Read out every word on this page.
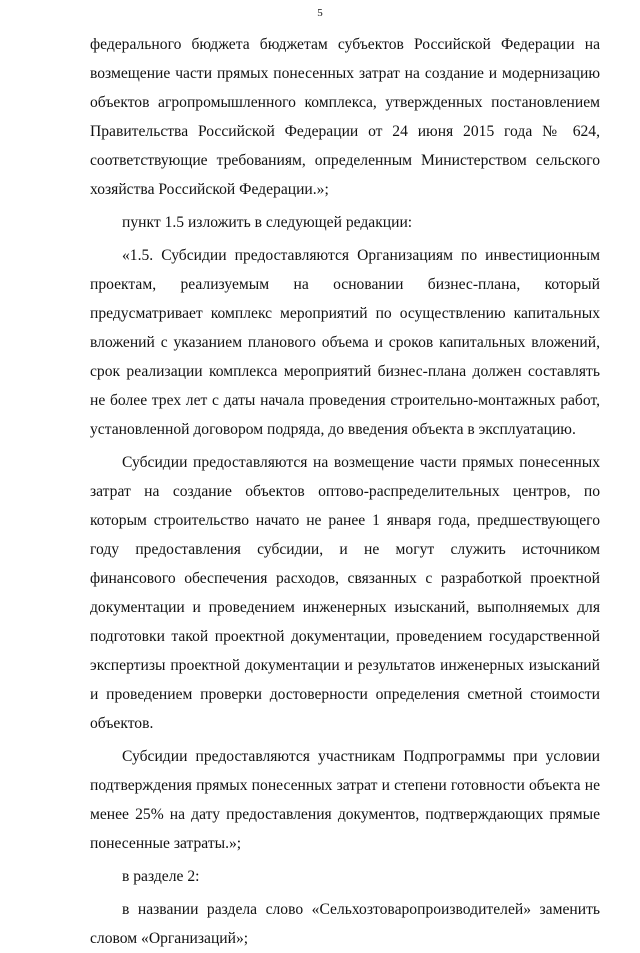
5

федерального бюджета бюджетам субъектов Российской Федерации на возмещение части прямых понесенных затрат на создание и модернизацию объектов агропромышленного комплекса, утвержденных постановлением Правительства Российской Федерации от 24 июня 2015 года № 624, соответствующие требованиям, определенным Министерством сельского хозяйства Российской Федерации.»;

пункт 1.5 изложить в следующей редакции:

«1.5. Субсидии предоставляются Организациям по инвестиционным проектам, реализуемым на основании бизнес-плана, который предусматривает комплекс мероприятий по осуществлению капитальных вложений с указанием планового объема и сроков капитальных вложений, срок реализации комплекса мероприятий бизнес-плана должен составлять не более трех лет с даты начала проведения строительно-монтажных работ, установленной договором подряда, до введения объекта в эксплуатацию.

Субсидии предоставляются на возмещение части прямых понесенных затрат на создание объектов оптово-распределительных центров, по которым строительство начато не ранее 1 января года, предшествующего году предоставления субсидии, и не могут служить источником финансового обеспечения расходов, связанных с разработкой проектной документации и проведением инженерных изысканий, выполняемых для подготовки такой проектной документации, проведением государственной экспертизы проектной документации и результатов инженерных изысканий и проведением проверки достоверности определения сметной стоимости объектов.

Субсидии предоставляются участникам Подпрограммы при условии подтверждения прямых понесенных затрат и степени готовности объекта не менее 25% на дату предоставления документов, подтверждающих прямые понесенные затраты.»;

в разделе 2:

в названии раздела слово «Сельхозтоваропроизводителей» заменить словом «Организаций»;
